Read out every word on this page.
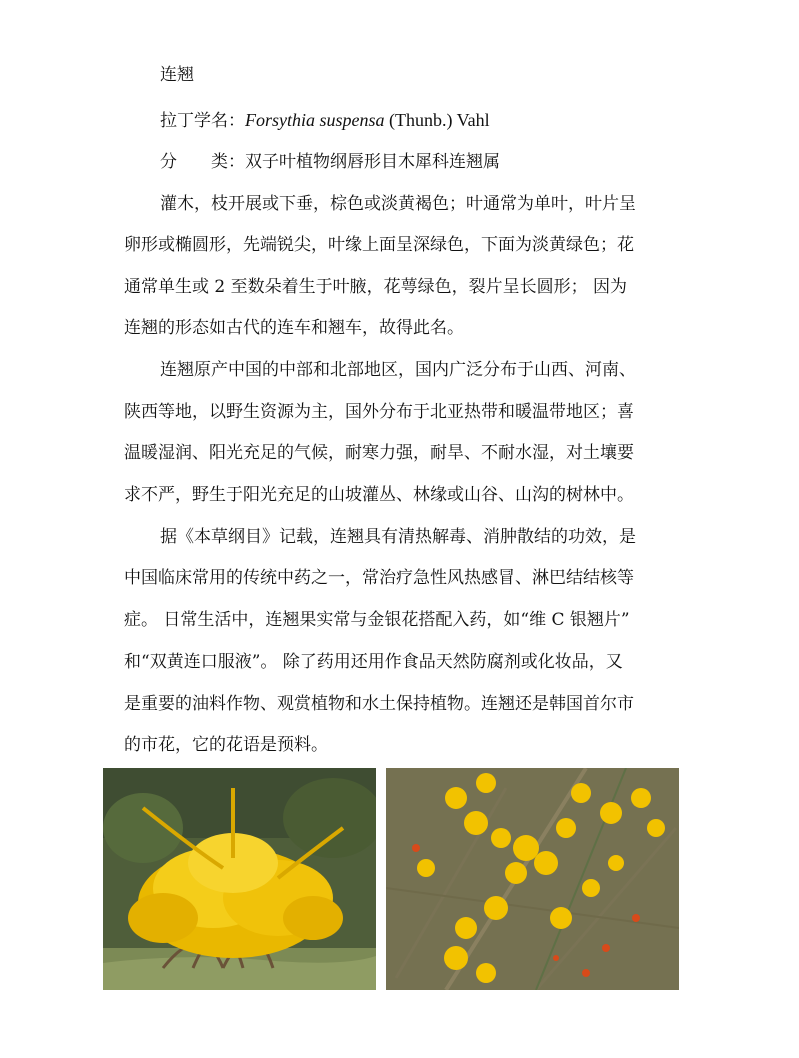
连翘
拉丁学名：Forsythia suspensa (Thunb.) Vahl
分　　类：双子叶植物纲唇形目木犀科连翘属
灌木，枝开展或下垂，棕色或淡黄褐色；叶通常为单叶，叶片呈
卵形或椭圆形，先端锐尖，叶缘上面呈深绿色，下面为淡黄绿色；花
通常单生或 2 至数朵着生于叶腋，花萼绿色，裂片呈长圆形； 因为
连翘的形态如古代的连车和翘车，故得此名。
连翘原产中国的中部和北部地区，国内广泛分布于山西、河南、
陕西等地，以野生资源为主，国外分布于北亚热带和暖温带地区；喜
温暖湿润、阳光充足的气候，耐寒力强，耐旱、不耐水湿，对土壤要
求不严，野生于阳光充足的山坡灌丛、林缘或山谷、山沟的树林中。
据《本草纲目》记载，连翘具有清热解毒、消肿散结的功效，是
中国临床常用的传统中药之一，常治疗急性风热感冒、淋巴结结核等
症。 日常生活中，连翘果实常与金银花搭配入药，如“维 C 银翘片”
和“双黄连口服液”。 除了药用还用作食品天然防腐剂或化妆品，又
是重要的油料作物、观赏植物和水土保持植物。连翘还是韩国首尔市
的市花，它的花语是预料。
